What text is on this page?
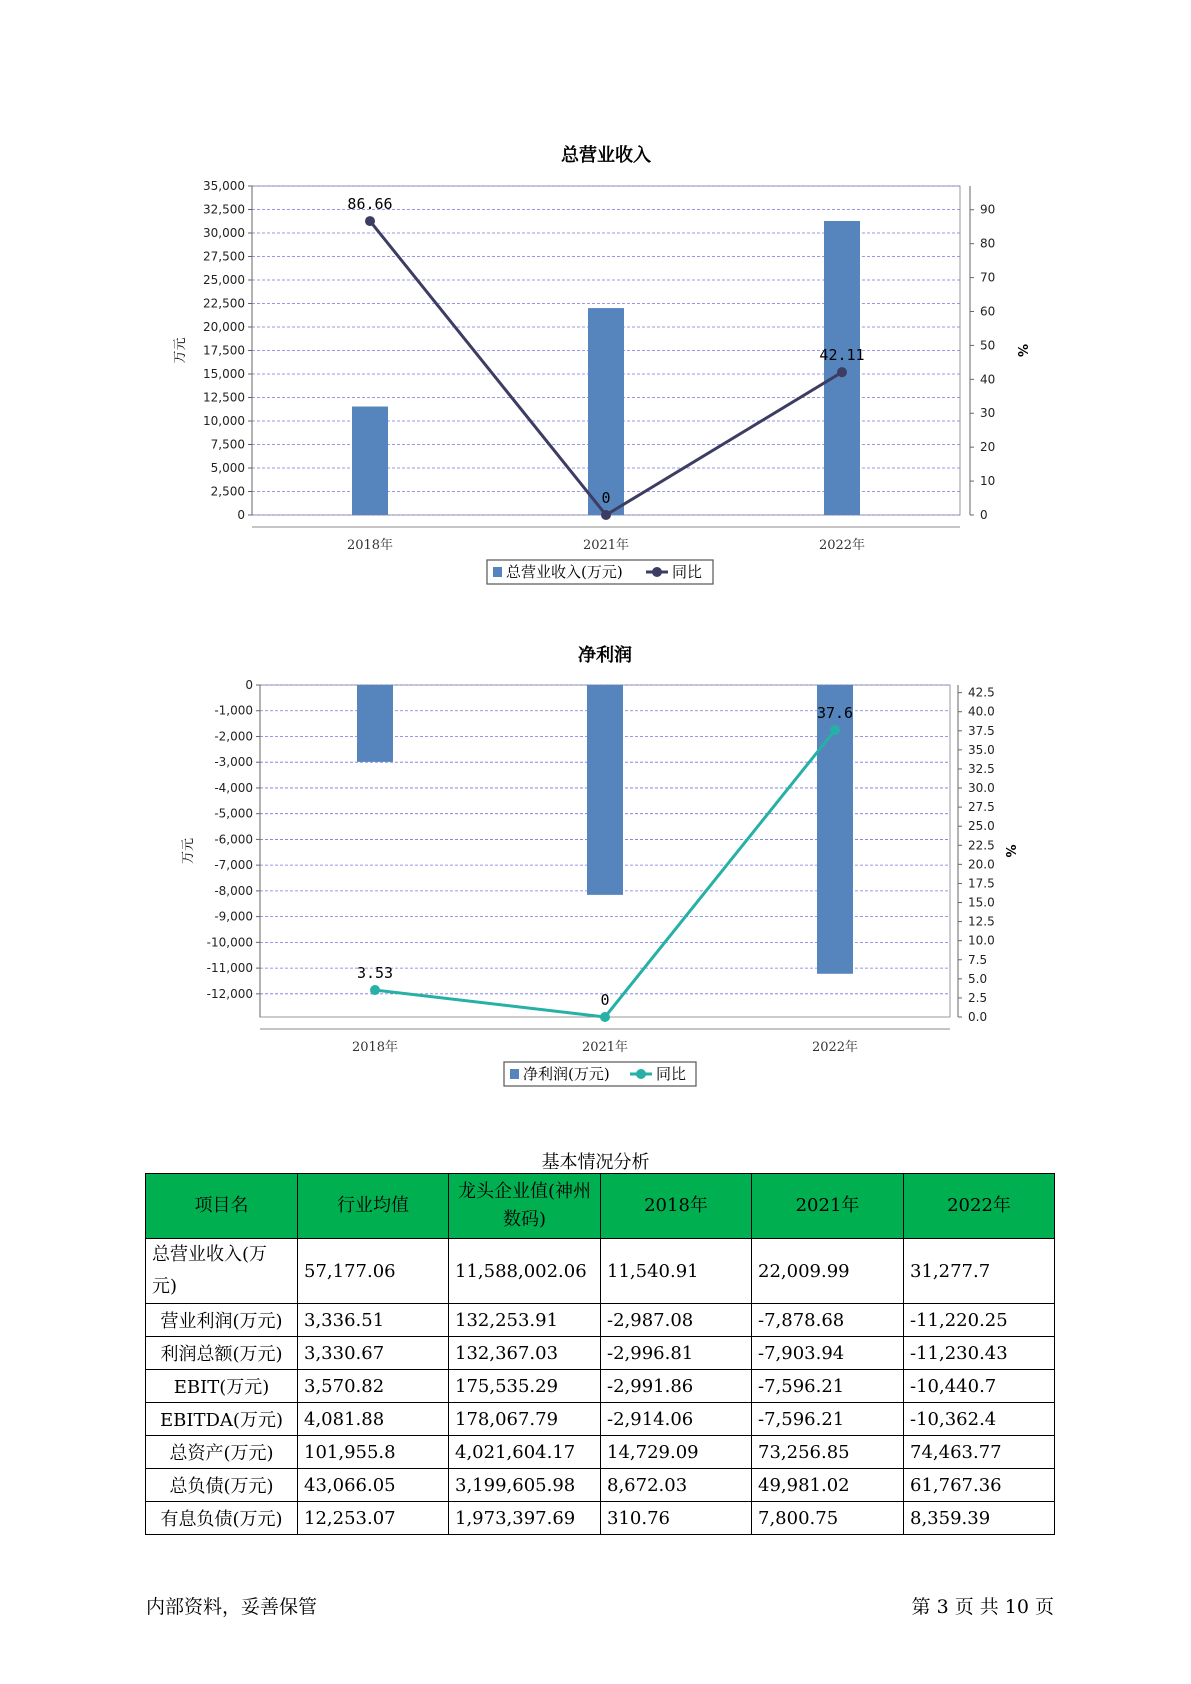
总营业收入
0
2,500
5,000
7,500
10,000
12,500
15,000
17,500
20,000
22,500
25,000
27,500
30,000
32,500
35,000
0
10
20
30
40
50
60
70
80
90
万元	%
2018年	2021年	2022年
86.66
0
42.11
总营业收入(万元)	同比
净利润
0
-1,000
-2,000
-3,000
-4,000
-5,000
-6,000
-7,000
-8,000
-9,000
-10,000
-11,000
-12,000
0.0
2.5
5.0
7.5
10.0
12.5
15.0
17.5
20.0
22.5
25.0
27.5
30.0
32.5
35.0
37.5
40.0
42.5
万元	%
2018年	2021年	2022年
3.53
0
37.6
净利润(万元)	同比
基本情况分析
项目名	行业均值	龙头企业值(神州数码)	2018年	2021年	2022年
总营业收入(万元)	57,177.06	11,588,002.06	11,540.91	22,009.99	31,277.7
营业利润(万元)	3,336.51	132,253.91	-2,987.08	-7,878.68	-11,220.25
利润总额(万元)	3,330.67	132,367.03	-2,996.81	-7,903.94	-11,230.43
EBIT(万元)	3,570.82	175,535.29	-2,991.86	-7,596.21	-10,440.7
EBITDA(万元)	4,081.88	178,067.79	-2,914.06	-7,596.21	-10,362.4
总资产(万元)	101,955.8	4,021,604.17	14,729.09	73,256.85	74,463.77
总负债(万元)	43,066.05	3,199,605.98	8,672.03	49,981.02	61,767.36
有息负债(万元)	12,253.07	1,973,397.69	310.76	7,800.75	8,359.39
内部资料，妥善保管	第 3 页 共 10 页
